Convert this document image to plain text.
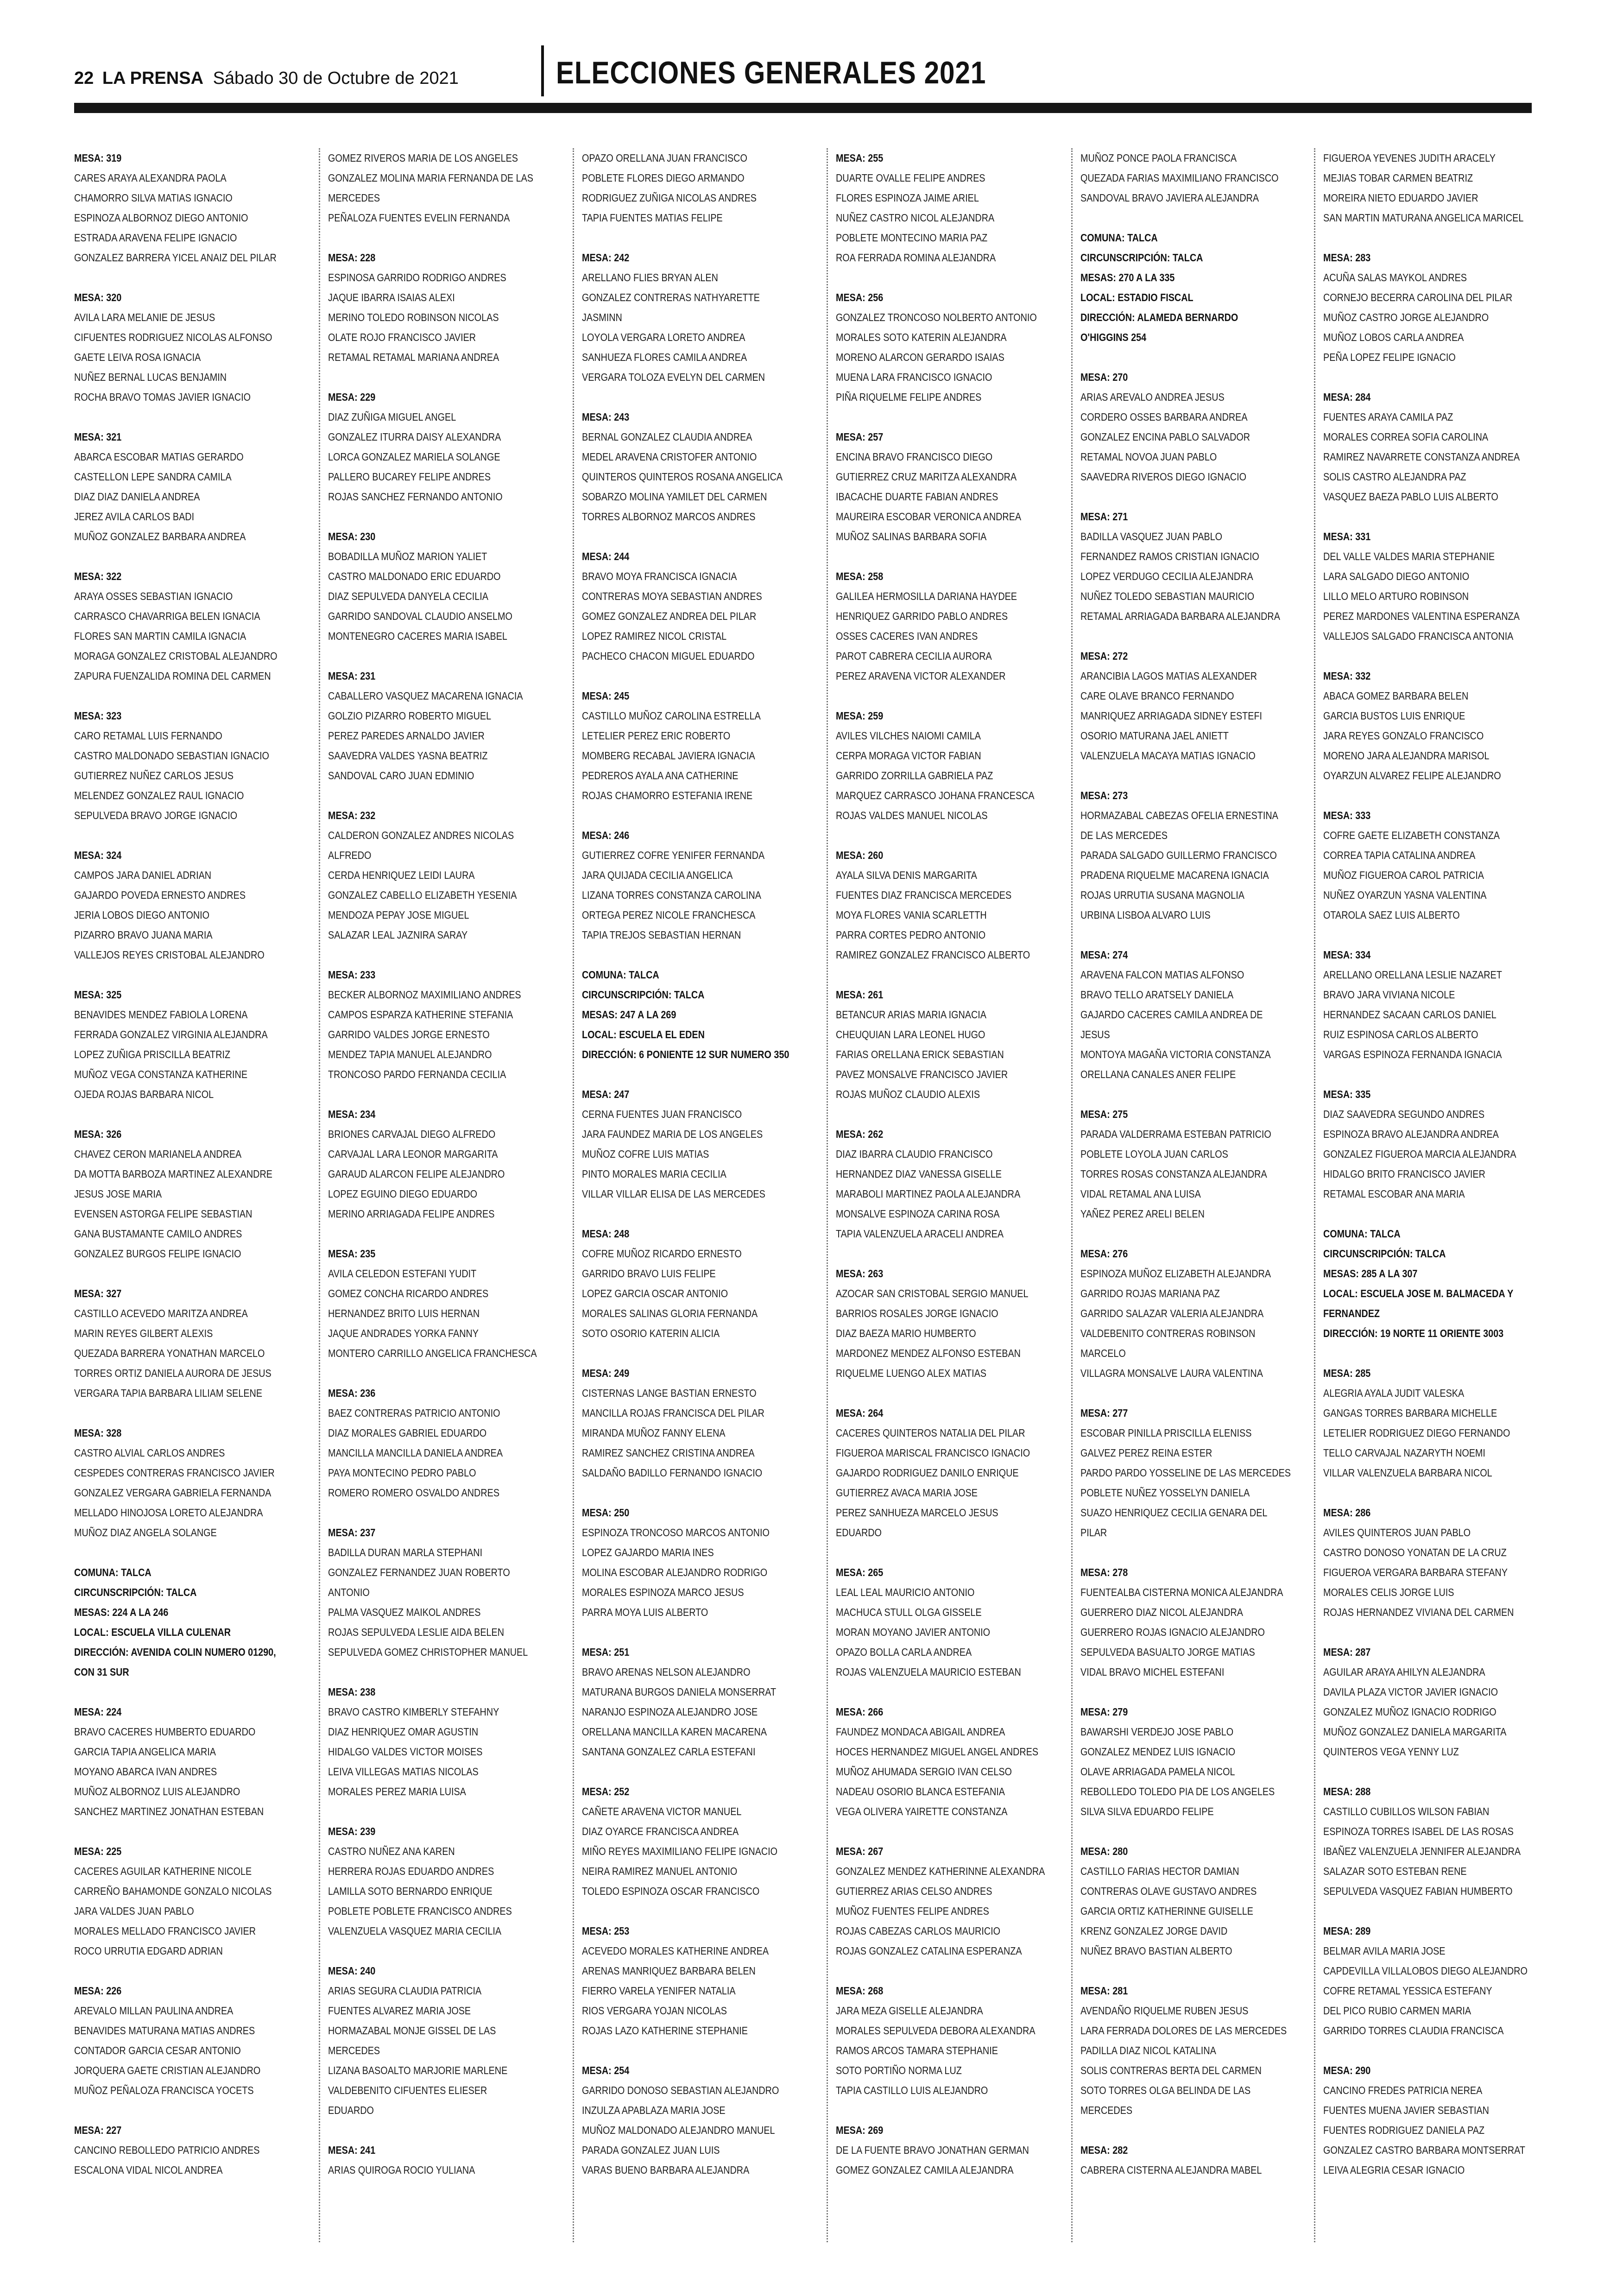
22 LA PRENSA Sábado 30 de Octubre de 2021	ELECCIONES GENERALES 2021
MESA: 319
CARES ARAYA ALEXANDRA PAOLA
CHAMORRO SILVA MATIAS IGNACIO
ESPINOZA ALBORNOZ DIEGO ANTONIO
ESTRADA ARAVENA FELIPE IGNACIO
GONZALEZ BARRERA YICEL ANAIZ DEL PILAR
MESA: 320
AVILA LARA MELANIE DE JESUS
CIFUENTES RODRIGUEZ NICOLAS ALFONSO
GAETE LEIVA ROSA IGNACIA
NUÑEZ BERNAL LUCAS BENJAMIN
ROCHA BRAVO TOMAS JAVIER IGNACIO
MESA: 321
ABARCA ESCOBAR MATIAS GERARDO
CASTELLON LEPE SANDRA CAMILA
DIAZ DIAZ DANIELA ANDREA
JEREZ AVILA CARLOS BADI
MUÑOZ GONZALEZ BARBARA ANDREA
MESA: 322
ARAYA OSSES SEBASTIAN IGNACIO
CARRASCO CHAVARRIGA BELEN IGNACIA
FLORES SAN MARTIN CAMILA IGNACIA
MORAGA GONZALEZ CRISTOBAL ALEJANDRO
ZAPURA FUENZALIDA ROMINA DEL CARMEN
MESA: 323
CARO RETAMAL LUIS FERNANDO
CASTRO MALDONADO SEBASTIAN IGNACIO
GUTIERREZ NUÑEZ CARLOS JESUS
MELENDEZ GONZALEZ RAUL IGNACIO
SEPULVEDA BRAVO JORGE IGNACIO
MESA: 324
CAMPOS JARA DANIEL ADRIAN
GAJARDO POVEDA ERNESTO ANDRES
JERIA LOBOS DIEGO ANTONIO
PIZARRO BRAVO JUANA MARIA
VALLEJOS REYES CRISTOBAL ALEJANDRO
MESA: 325
BENAVIDES MENDEZ FABIOLA LORENA
FERRADA GONZALEZ VIRGINIA ALEJANDRA
LOPEZ ZUÑIGA PRISCILLA BEATRIZ
MUÑOZ VEGA CONSTANZA KATHERINE
OJEDA ROJAS BARBARA NICOL
MESA: 326
CHAVEZ CERON MARIANELA ANDREA
DA MOTTA BARBOZA MARTINEZ ALEXANDRE
JESUS JOSE MARIA
EVENSEN ASTORGA FELIPE SEBASTIAN
GANA BUSTAMANTE CAMILO ANDRES
GONZALEZ BURGOS FELIPE IGNACIO
MESA: 327
CASTILLO ACEVEDO MARITZA ANDREA
MARIN REYES GILBERT ALEXIS
QUEZADA BARRERA YONATHAN MARCELO
TORRES ORTIZ DANIELA AURORA DE JESUS
VERGARA TAPIA BARBARA LILIAM SELENE
MESA: 328
CASTRO ALVIAL CARLOS ANDRES
CESPEDES CONTRERAS FRANCISCO JAVIER
GONZALEZ VERGARA GABRIELA FERNANDA
MELLADO HINOJOSA LORETO ALEJANDRA
MUÑOZ DIAZ ANGELA SOLANGE
COMUNA: TALCA
CIRCUNSCRIPCIÓN: TALCA
MESAS: 224 A LA 246
LOCAL: ESCUELA VILLA CULENAR
DIRECCIÓN: AVENIDA COLIN NUMERO 01290,
CON 31 SUR
MESA: 224
BRAVO CACERES HUMBERTO EDUARDO
GARCIA TAPIA ANGELICA MARIA
MOYANO ABARCA IVAN ANDRES
MUÑOZ ALBORNOZ LUIS ALEJANDRO
SANCHEZ MARTINEZ JONATHAN ESTEBAN
MESA: 225
CACERES AGUILAR KATHERINE NICOLE
CARREÑO BAHAMONDE GONZALO NICOLAS
JARA VALDES JUAN PABLO
MORALES MELLADO FRANCISCO JAVIER
ROCO URRUTIA EDGARD ADRIAN
MESA: 226
AREVALO MILLAN PAULINA ANDREA
BENAVIDES MATURANA MATIAS ANDRES
CONTADOR GARCIA CESAR ANTONIO
JORQUERA GAETE CRISTIAN ALEJANDRO
MUÑOZ PEÑALOZA FRANCISCA YOCETS
MESA: 227
CANCINO REBOLLEDO PATRICIO ANDRES
ESCALONA VIDAL NICOL ANDREA
GOMEZ RIVEROS MARIA DE LOS ANGELES
GONZALEZ MOLINA MARIA FERNANDA DE LAS
MERCEDES
PEÑALOZA FUENTES EVELIN FERNANDA
MESA: 228
ESPINOSA GARRIDO RODRIGO ANDRES
JAQUE IBARRA ISAIAS ALEXI
MERINO TOLEDO ROBINSON NICOLAS
OLATE ROJO FRANCISCO JAVIER
RETAMAL RETAMAL MARIANA ANDREA
MESA: 229
DIAZ ZUÑIGA MIGUEL ANGEL
GONZALEZ ITURRA DAISY ALEXANDRA
LORCA GONZALEZ MARIELA SOLANGE
PALLERO BUCAREY FELIPE ANDRES
ROJAS SANCHEZ FERNANDO ANTONIO
MESA: 230
BOBADILLA MUÑOZ MARION YALIET
CASTRO MALDONADO ERIC EDUARDO
DIAZ SEPULVEDA DANYELA CECILIA
GARRIDO SANDOVAL CLAUDIO ANSELMO
MONTENEGRO CACERES MARIA ISABEL
MESA: 231
CABALLERO VASQUEZ MACARENA IGNACIA
GOLZIO PIZARRO ROBERTO MIGUEL
PEREZ PAREDES ARNALDO JAVIER
SAAVEDRA VALDES YASNA BEATRIZ
SANDOVAL CARO JUAN EDMINIO
MESA: 232
CALDERON GONZALEZ ANDRES NICOLAS
ALFREDO
CERDA HENRIQUEZ LEIDI LAURA
GONZALEZ CABELLO ELIZABETH YESENIA
MENDOZA PEPAY JOSE MIGUEL
SALAZAR LEAL JAZNIRA SARAY
MESA: 233
BECKER ALBORNOZ MAXIMILIANO ANDRES
CAMPOS ESPARZA KATHERINE STEFANIA
GARRIDO VALDES JORGE ERNESTO
MENDEZ TAPIA MANUEL ALEJANDRO
TRONCOSO PARDO FERNANDA CECILIA
MESA: 234
BRIONES CARVAJAL DIEGO ALFREDO
CARVAJAL LARA LEONOR MARGARITA
GARAUD ALARCON FELIPE ALEJANDRO
LOPEZ EGUINO DIEGO EDUARDO
MERINO ARRIAGADA FELIPE ANDRES
MESA: 235
AVILA CELEDON ESTEFANI YUDIT
GOMEZ CONCHA RICARDO ANDRES
HERNANDEZ BRITO LUIS HERNAN
JAQUE ANDRADES YORKA FANNY
MONTERO CARRILLO ANGELICA FRANCHESCA
MESA: 236
BAEZ CONTRERAS PATRICIO ANTONIO
DIAZ MORALES GABRIEL EDUARDO
MANCILLA MANCILLA DANIELA ANDREA
PAYA MONTECINO PEDRO PABLO
ROMERO ROMERO OSVALDO ANDRES
MESA: 237
BADILLA DURAN MARLA STEPHANI
GONZALEZ FERNANDEZ JUAN ROBERTO
ANTONIO
PALMA VASQUEZ MAIKOL ANDRES
ROJAS SEPULVEDA LESLIE AIDA BELEN
SEPULVEDA GOMEZ CHRISTOPHER MANUEL
MESA: 238
BRAVO CASTRO KIMBERLY STEFAHNY
DIAZ HENRIQUEZ OMAR AGUSTIN
HIDALGO VALDES VICTOR MOISES
LEIVA VILLEGAS MATIAS NICOLAS
MORALES PEREZ MARIA LUISA
MESA: 239
CASTRO NUÑEZ ANA KAREN
HERRERA ROJAS EDUARDO ANDRES
LAMILLA SOTO BERNARDO ENRIQUE
POBLETE POBLETE FRANCISCO ANDRES
VALENZUELA VASQUEZ MARIA CECILIA
MESA: 240
ARIAS SEGURA CLAUDIA PATRICIA
FUENTES ALVAREZ MARIA JOSE
HORMAZABAL MONJE GISSEL DE LAS
MERCEDES
LIZANA BASOALTO MARJORIE MARLENE
VALDEBENITO CIFUENTES ELIESER
EDUARDO
MESA: 241
ARIAS QUIROGA ROCIO YULIANA
OPAZO ORELLANA JUAN FRANCISCO
POBLETE FLORES DIEGO ARMANDO
RODRIGUEZ ZUÑIGA NICOLAS ANDRES
TAPIA FUENTES MATIAS FELIPE
MESA: 242
ARELLANO FLIES BRYAN ALEN
GONZALEZ CONTRERAS NATHYARETTE
JASMINN
LOYOLA VERGARA LORETO ANDREA
SANHUEZA FLORES CAMILA ANDREA
VERGARA TOLOZA EVELYN DEL CARMEN
MESA: 243
BERNAL GONZALEZ CLAUDIA ANDREA
MEDEL ARAVENA CRISTOFER ANTONIO
QUINTEROS QUINTEROS ROSANA ANGELICA
SOBARZO MOLINA YAMILET DEL CARMEN
TORRES ALBORNOZ MARCOS ANDRES
MESA: 244
BRAVO MOYA FRANCISCA IGNACIA
CONTRERAS MOYA SEBASTIAN ANDRES
GOMEZ GONZALEZ ANDREA DEL PILAR
LOPEZ RAMIREZ NICOL CRISTAL
PACHECO CHACON MIGUEL EDUARDO
MESA: 245
CASTILLO MUÑOZ CAROLINA ESTRELLA
LETELIER PEREZ ERIC ROBERTO
MOMBERG RECABAL JAVIERA IGNACIA
PEDREROS AYALA ANA CATHERINE
ROJAS CHAMORRO ESTEFANIA IRENE
MESA: 246
GUTIERREZ COFRE YENIFER FERNANDA
JARA QUIJADA CECILIA ANGELICA
LIZANA TORRES CONSTANZA CAROLINA
ORTEGA PEREZ NICOLE FRANCHESCA
TAPIA TREJOS SEBASTIAN HERNAN
COMUNA: TALCA
CIRCUNSCRIPCIÓN: TALCA
MESAS: 247 A LA 269
LOCAL: ESCUELA EL EDEN
DIRECCIÓN: 6 PONIENTE 12 SUR NUMERO 350
MESA: 247
CERNA FUENTES JUAN FRANCISCO
JARA FAUNDEZ MARIA DE LOS ANGELES
MUÑOZ COFRE LUIS MATIAS
PINTO MORALES MARIA CECILIA
VILLAR VILLAR ELISA DE LAS MERCEDES
MESA: 248
COFRE MUÑOZ RICARDO ERNESTO
GARRIDO BRAVO LUIS FELIPE
LOPEZ GARCIA OSCAR ANTONIO
MORALES SALINAS GLORIA FERNANDA
SOTO OSORIO KATERIN ALICIA
MESA: 249
CISTERNAS LANGE BASTIAN ERNESTO
MANCILLA ROJAS FRANCISCA DEL PILAR
MIRANDA MUÑOZ FANNY ELENA
RAMIREZ SANCHEZ CRISTINA ANDREA
SALDAÑO BADILLO FERNANDO IGNACIO
MESA: 250
ESPINOZA TRONCOSO MARCOS ANTONIO
LOPEZ GAJARDO MARIA INES
MOLINA ESCOBAR ALEJANDRO RODRIGO
MORALES ESPINOZA MARCO JESUS
PARRA MOYA LUIS ALBERTO
MESA: 251
BRAVO ARENAS NELSON ALEJANDRO
MATURANA BURGOS DANIELA MONSERRAT
NARANJO ESPINOZA ALEJANDRO JOSE
ORELLANA MANCILLA KAREN MACARENA
SANTANA GONZALEZ CARLA ESTEFANI
MESA: 252
CAÑETE ARAVENA VICTOR MANUEL
DIAZ OYARCE FRANCISCA ANDREA
MIÑO REYES MAXIMILIANO FELIPE IGNACIO
NEIRA RAMIREZ MANUEL ANTONIO
TOLEDO ESPINOZA OSCAR FRANCISCO
MESA: 253
ACEVEDO MORALES KATHERINE ANDREA
ARENAS MANRIQUEZ BARBARA BELEN
FIERRO VARELA YENIFER NATALIA
RIOS VERGARA YOJAN NICOLAS
ROJAS LAZO KATHERINE STEPHANIE
MESA: 254
GARRIDO DONOSO SEBASTIAN ALEJANDRO
INZULZA APABLAZA MARIA JOSE
MUÑOZ MALDONADO ALEJANDRO MANUEL
PARADA GONZALEZ JUAN LUIS
VARAS BUENO BARBARA ALEJANDRA
MESA: 255
DUARTE OVALLE FELIPE ANDRES
FLORES ESPINOZA JAIME ARIEL
NUÑEZ CASTRO NICOL ALEJANDRA
POBLETE MONTECINO MARIA PAZ
ROA FERRADA ROMINA ALEJANDRA
MESA: 256
GONZALEZ TRONCOSO NOLBERTO ANTONIO
MORALES SOTO KATERIN ALEJANDRA
MORENO ALARCON GERARDO ISAIAS
MUENA LARA FRANCISCO IGNACIO
PIÑA RIQUELME FELIPE ANDRES
MESA: 257
ENCINA BRAVO FRANCISCO DIEGO
GUTIERREZ CRUZ MARITZA ALEXANDRA
IBACACHE DUARTE FABIAN ANDRES
MAUREIRA ESCOBAR VERONICA ANDREA
MUÑOZ SALINAS BARBARA SOFIA
MESA: 258
GALILEA HERMOSILLA DARIANA HAYDEE
HENRIQUEZ GARRIDO PABLO ANDRES
OSSES CACERES IVAN ANDRES
PAROT CABRERA CECILIA AURORA
PEREZ ARAVENA VICTOR ALEXANDER
MESA: 259
AVILES VILCHES NAIOMI CAMILA
CERPA MORAGA VICTOR FABIAN
GARRIDO ZORRILLA GABRIELA PAZ
MARQUEZ CARRASCO JOHANA FRANCESCA
ROJAS VALDES MANUEL NICOLAS
MESA: 260
AYALA SILVA DENIS MARGARITA
FUENTES DIAZ FRANCISCA MERCEDES
MOYA FLORES VANIA SCARLETTH
PARRA CORTES PEDRO ANTONIO
RAMIREZ GONZALEZ FRANCISCO ALBERTO
MESA: 261
BETANCUR ARIAS MARIA IGNACIA
CHEUQUIAN LARA LEONEL HUGO
FARIAS ORELLANA ERICK SEBASTIAN
PAVEZ MONSALVE FRANCISCO JAVIER
ROJAS MUÑOZ CLAUDIO ALEXIS
MESA: 262
DIAZ IBARRA CLAUDIO FRANCISCO
HERNANDEZ DIAZ VANESSA GISELLE
MARABOLI MARTINEZ PAOLA ALEJANDRA
MONSALVE ESPINOZA CARINA ROSA
TAPIA VALENZUELA ARACELI ANDREA
MESA: 263
AZOCAR SAN CRISTOBAL SERGIO MANUEL
BARRIOS ROSALES JORGE IGNACIO
DIAZ BAEZA MARIO HUMBERTO
MARDONEZ MENDEZ ALFONSO ESTEBAN
RIQUELME LUENGO ALEX MATIAS
MESA: 264
CACERES QUINTEROS NATALIA DEL PILAR
FIGUEROA MARISCAL FRANCISCO IGNACIO
GAJARDO RODRIGUEZ DANILO ENRIQUE
GUTIERREZ AVACA MARIA JOSE
PEREZ SANHUEZA MARCELO JESUS
EDUARDO
MESA: 265
LEAL LEAL MAURICIO ANTONIO
MACHUCA STULL OLGA GISSELE
MORAN MOYANO JAVIER ANTONIO
OPAZO BOLLA CARLA ANDREA
ROJAS VALENZUELA MAURICIO ESTEBAN
MESA: 266
FAUNDEZ MONDACA ABIGAIL ANDREA
HOCES HERNANDEZ MIGUEL ANGEL ANDRES
MUÑOZ AHUMADA SERGIO IVAN CELSO
NADEAU OSORIO BLANCA ESTEFANIA
VEGA OLIVERA YAIRETTE CONSTANZA
MESA: 267
GONZALEZ MENDEZ KATHERINNE ALEXANDRA
GUTIERREZ ARIAS CELSO ANDRES
MUÑOZ FUENTES FELIPE ANDRES
ROJAS CABEZAS CARLOS MAURICIO
ROJAS GONZALEZ CATALINA ESPERANZA
MESA: 268
JARA MEZA GISELLE ALEJANDRA
MORALES SEPULVEDA DEBORA ALEXANDRA
RAMOS ARCOS TAMARA STEPHANIE
SOTO PORTIÑO NORMA LUZ
TAPIA CASTILLO LUIS ALEJANDRO
MESA: 269
DE LA FUENTE BRAVO JONATHAN GERMAN
GOMEZ GONZALEZ CAMILA ALEJANDRA
MUÑOZ PONCE PAOLA FRANCISCA
QUEZADA FARIAS MAXIMILIANO FRANCISCO
SANDOVAL BRAVO JAVIERA ALEJANDRA
COMUNA: TALCA
CIRCUNSCRIPCIÓN: TALCA
MESAS: 270 A LA 335
LOCAL: ESTADIO FISCAL
DIRECCIÓN: ALAMEDA BERNARDO
O'HIGGINS 254
MESA: 270
ARIAS AREVALO ANDREA JESUS
CORDERO OSSES BARBARA ANDREA
GONZALEZ ENCINA PABLO SALVADOR
RETAMAL NOVOA JUAN PABLO
SAAVEDRA RIVEROS DIEGO IGNACIO
MESA: 271
BADILLA VASQUEZ JUAN PABLO
FERNANDEZ RAMOS CRISTIAN IGNACIO
LOPEZ VERDUGO CECILIA ALEJANDRA
NUÑEZ TOLEDO SEBASTIAN MAURICIO
RETAMAL ARRIAGADA BARBARA ALEJANDRA
MESA: 272
ARANCIBIA LAGOS MATIAS ALEXANDER
CARE OLAVE BRANCO FERNANDO
MANRIQUEZ ARRIAGADA SIDNEY ESTEFI
OSORIO MATURANA JAEL ANIETT
VALENZUELA MACAYA MATIAS IGNACIO
MESA: 273
HORMAZABAL CABEZAS OFELIA ERNESTINA
DE LAS MERCEDES
PARADA SALGADO GUILLERMO FRANCISCO
PRADENA RIQUELME MACARENA IGNACIA
ROJAS URRUTIA SUSANA MAGNOLIA
URBINA LISBOA ALVARO LUIS
MESA: 274
ARAVENA FALCON MATIAS ALFONSO
BRAVO TELLO ARATSELY DANIELA
GAJARDO CACERES CAMILA ANDREA DE
JESUS
MONTOYA MAGAÑA VICTORIA CONSTANZA
ORELLANA CANALES ANER FELIPE
MESA: 275
PARADA VALDERRAMA ESTEBAN PATRICIO
POBLETE LOYOLA JUAN CARLOS
TORRES ROSAS CONSTANZA ALEJANDRA
VIDAL RETAMAL ANA LUISA
YAÑEZ PEREZ ARELI BELEN
MESA: 276
ESPINOZA MUÑOZ ELIZABETH ALEJANDRA
GARRIDO ROJAS MARIANA PAZ
GARRIDO SALAZAR VALERIA ALEJANDRA
VALDEBENITO CONTRERAS ROBINSON
MARCELO
VILLAGRA MONSALVE LAURA VALENTINA
MESA: 277
ESCOBAR PINILLA PRISCILLA ELENISS
GALVEZ PEREZ REINA ESTER
PARDO PARDO YOSSELINE DE LAS MERCEDES
POBLETE NUÑEZ YOSSELYN DANIELA
SUAZO HENRIQUEZ CECILIA GENARA DEL
PILAR
MESA: 278
FUENTEALBA CISTERNA MONICA ALEJANDRA
GUERRERO DIAZ NICOL ALEJANDRA
GUERRERO ROJAS IGNACIO ALEJANDRO
SEPULVEDA BASUALTO JORGE MATIAS
VIDAL BRAVO MICHEL ESTEFANI
MESA: 279
BAWARSHI VERDEJO JOSE PABLO
GONZALEZ MENDEZ LUIS IGNACIO
OLAVE ARRIAGADA PAMELA NICOL
REBOLLEDO TOLEDO PIA DE LOS ANGELES
SILVA SILVA EDUARDO FELIPE
MESA: 280
CASTILLO FARIAS HECTOR DAMIAN
CONTRERAS OLAVE GUSTAVO ANDRES
GARCIA ORTIZ KATHERINNE GUISELLE
KRENZ GONZALEZ JORGE DAVID
NUÑEZ BRAVO BASTIAN ALBERTO
MESA: 281
AVENDAÑO RIQUELME RUBEN JESUS
LARA FERRADA DOLORES DE LAS MERCEDES
PADILLA DIAZ NICOL KATALINA
SOLIS CONTRERAS BERTA DEL CARMEN
SOTO TORRES OLGA BELINDA DE LAS
MERCEDES
MESA: 282
CABRERA CISTERNA ALEJANDRA MABEL
FIGUEROA YEVENES JUDITH ARACELY
MEJIAS TOBAR CARMEN BEATRIZ
MOREIRA NIETO EDUARDO JAVIER
SAN MARTIN MATURANA ANGELICA MARICEL
MESA: 283
ACUÑA SALAS MAYKOL ANDRES
CORNEJO BECERRA CAROLINA DEL PILAR
MUÑOZ CASTRO JORGE ALEJANDRO
MUÑOZ LOBOS CARLA ANDREA
PEÑA LOPEZ FELIPE IGNACIO
MESA: 284
FUENTES ARAYA CAMILA PAZ
MORALES CORREA SOFIA CAROLINA
RAMIREZ NAVARRETE CONSTANZA ANDREA
SOLIS CASTRO ALEJANDRA PAZ
VASQUEZ BAEZA PABLO LUIS ALBERTO
MESA: 331
DEL VALLE VALDES MARIA STEPHANIE
LARA SALGADO DIEGO ANTONIO
LILLO MELO ARTURO ROBINSON
PEREZ MARDONES VALENTINA ESPERANZA
VALLEJOS SALGADO FRANCISCA ANTONIA
MESA: 332
ABACA GOMEZ BARBARA BELEN
GARCIA BUSTOS LUIS ENRIQUE
JARA REYES GONZALO FRANCISCO
MORENO JARA ALEJANDRA MARISOL
OYARZUN ALVAREZ FELIPE ALEJANDRO
MESA: 333
COFRE GAETE ELIZABETH CONSTANZA
CORREA TAPIA CATALINA ANDREA
MUÑOZ FIGUEROA CAROL PATRICIA
NUÑEZ OYARZUN YASNA VALENTINA
OTAROLA SAEZ LUIS ALBERTO
MESA: 334
ARELLANO ORELLANA LESLIE NAZARET
BRAVO JARA VIVIANA NICOLE
HERNANDEZ SACAAN CARLOS DANIEL
RUIZ ESPINOSA CARLOS ALBERTO
VARGAS ESPINOZA FERNANDA IGNACIA
MESA: 335
DIAZ SAAVEDRA SEGUNDO ANDRES
ESPINOZA BRAVO ALEJANDRA ANDREA
GONZALEZ FIGUEROA MARCIA ALEJANDRA
HIDALGO BRITO FRANCISCO JAVIER
RETAMAL ESCOBAR ANA MARIA
COMUNA: TALCA
CIRCUNSCRIPCIÓN: TALCA
MESAS: 285 A LA 307
LOCAL: ESCUELA JOSE M. BALMACEDA Y
FERNANDEZ
DIRECCIÓN: 19 NORTE 11 ORIENTE 3003
MESA: 285
ALEGRIA AYALA JUDIT VALESKA
GANGAS TORRES BARBARA MICHELLE
LETELIER RODRIGUEZ DIEGO FERNANDO
TELLO CARVAJAL NAZARYTH NOEMI
VILLAR VALENZUELA BARBARA NICOL
MESA: 286
AVILES QUINTEROS JUAN PABLO
CASTRO DONOSO YONATAN DE LA CRUZ
FIGUEROA VERGARA BARBARA STEFANY
MORALES CELIS JORGE LUIS
ROJAS HERNANDEZ VIVIANA DEL CARMEN
MESA: 287
AGUILAR ARAYA AHILYN ALEJANDRA
DAVILA PLAZA VICTOR JAVIER IGNACIO
GONZALEZ MUÑOZ IGNACIO RODRIGO
MUÑOZ GONZALEZ DANIELA MARGARITA
QUINTEROS VEGA YENNY LUZ
MESA: 288
CASTILLO CUBILLOS WILSON FABIAN
ESPINOZA TORRES ISABEL DE LAS ROSAS
IBAÑEZ VALENZUELA JENNIFER ALEJANDRA
SALAZAR SOTO ESTEBAN RENE
SEPULVEDA VASQUEZ FABIAN HUMBERTO
MESA: 289
BELMAR AVILA MARIA JOSE
CAPDEVILLA VILLALOBOS DIEGO ALEJANDRO
COFRE RETAMAL YESSICA ESTEFANY
DEL PICO RUBIO CARMEN MARIA
GARRIDO TORRES CLAUDIA FRANCISCA
MESA: 290
CANCINO FREDES PATRICIA NEREA
FUENTES MUENA JAVIER SEBASTIAN
FUENTES RODRIGUEZ DANIELA PAZ
GONZALEZ CASTRO BARBARA MONTSERRAT
LEIVA ALEGRIA CESAR IGNACIO
